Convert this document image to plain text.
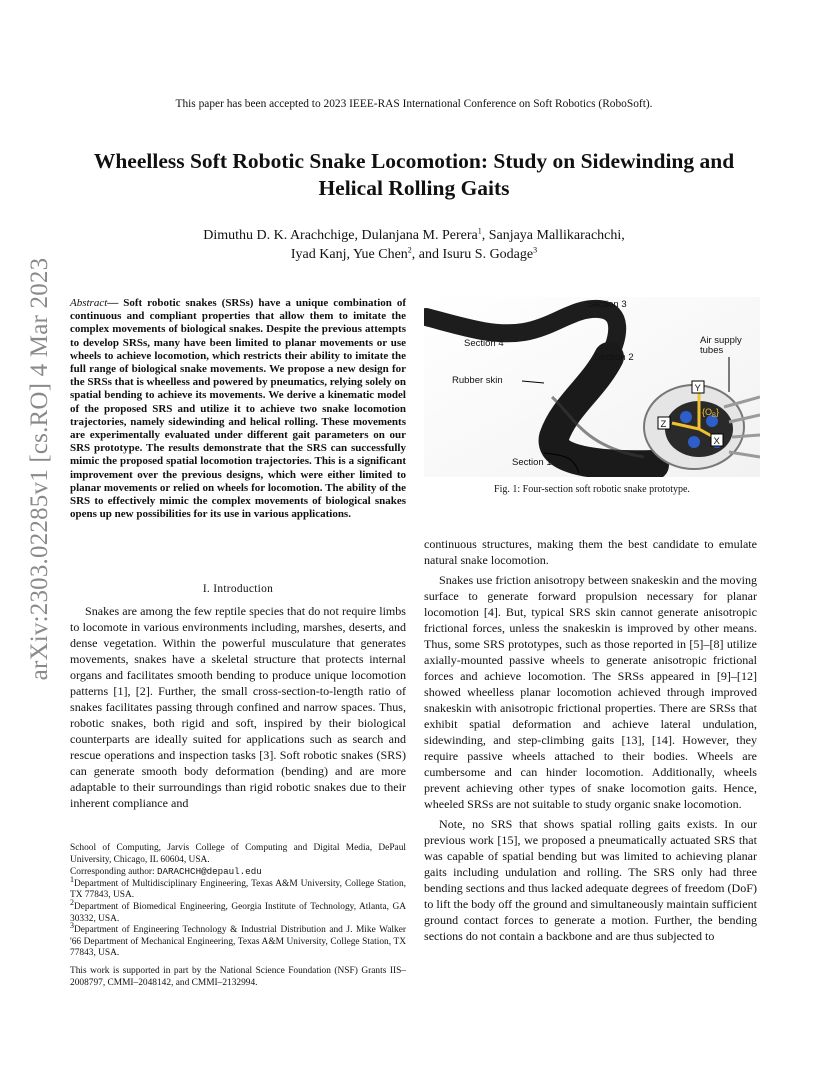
This paper has been accepted to 2023 IEEE-RAS International Conference on Soft Robotics (RoboSoft).
Wheelless Soft Robotic Snake Locomotion: Study on Sidewinding and
Helical Rolling Gaits
Dimuthu D. K. Arachchige, Dulanjana M. Perera$^1$, Sanjaya Mallikarachchi,
Iyad Kanj, Yue Chen$^2$, and Isuru S. Godage$^3$
arXiv:2303.02285v1 [cs.RO] 4 Mar 2023 Abstract— Soft robotic snakes (SRSs) have a unique combination of continuous and compliant properties that allow them to imitate the complex movements of biological snakes. Despite the previous attempts to develop SRSs, many have been limited to planar movements or use wheels to achieve locomotion, which restricts their ability to imitate the full range of biological snake movements. We propose a new design for the SRSs that is wheelless and powered by pneumatics, relying solely on spatial bending to achieve its movements. We derive a kinematic model of the proposed SRS and utilize it to achieve two snake locomotion trajectories, namely sidewinding and helical rolling. These movements are experimentally evaluated under different gait parameters on our SRS prototype. The results demonstrate that the SRS can successfully mimic the proposed spatial locomotion trajectories. This is a significant improvement over the previous designs, which were either limited to planar movements or relied on wheels for locomotion. The ability of the SRS to effectively mimic the complex movements of biological snakes opens up new possibilities for its use in various applications.
I. Introduction

Snakes are among the few reptile species that do not require limbs to locomote in various environments including, marshes, deserts, and dense vegetation. Within the powerful musculature that generates movements, snakes have a skeletal structure that protects internal organs and facilitates smooth bending to produce unique locomotion patterns [1], [2]. Further, the small cross-section-to-length ratio of snakes facilitates passing through confined and narrow spaces. Thus, robotic snakes, both rigid and soft, inspired by their biological counterparts are ideally suited for applications such as search and rescue operations and inspection tasks [3]. Soft robotic snakes (SRS) can generate smooth body deformation (bending) and are more adaptable to their surroundings than rigid robotic snakes due to their inherent compliance and

School of Computing, Jarvis College of Computing and Digital Media, DePaul University, Chicago, IL 60604, USA.

Corresponding author: DARACHCH@depaul.edu

$^1$Department of Multidisciplinary Engineering, Texas A&M University, College Station, TX 77843, USA.

$^2$Department of Biomedical Engineering, Georgia Institute of Technology, Atlanta, GA 30332, USA.

$^3$Department of Engineering Technology & Industrial Distribution and J. Mike Walker '66 Department of Mechanical Engineering, Texas A&M University, College Station, TX 77843, USA.

This work is supported in part by the National Science Foundation (NSF) Grants IIS–2008797, CMMI–2048142, and CMMI–2132994.

Y
Z
X
$\{O_B\}$
Section 3
Section 4
Section 2
Air supply
tubes
Rubber skin
Section 1
Fig. 1: Four-section soft robotic snake prototype.

continuous structures, making them the best candidate to emulate natural snake locomotion.

Snakes use friction anisotropy between snakeskin and the moving surface to generate forward propulsion necessary for planar locomotion [4]. But, typical SRS skin cannot generate anisotropic frictional forces, unless the snakeskin is improved by other means. Thus, some SRS prototypes, such as those reported in [5]–[8] utilize axially-mounted passive wheels to generate anisotropic frictional forces and achieve locomotion. The SRSs appeared in [9]–[12] showed wheelless planar locomotion achieved through improved snakeskin with anisotropic frictional properties. There are SRSs that exhibit spatial deformation and achieve lateral undulation, sidewinding, and step-climbing gaits [13], [14]. However, they require passive wheels attached to their bodies. Wheels are cumbersome and can hinder locomotion. Additionally, wheels prevent achieving other types of snake locomotion gaits. Hence, wheeled SRSs are not suitable to study organic snake locomotion.

Note, no SRS that shows spatial rolling gaits exists. In our previous work [15], we proposed a pneumatically actuated SRS that was capable of spatial bending but was limited to achieving planar gaits including undulation and rolling. The SRS only had three bending sections and thus lacked adequate degrees of freedom (DoF) to lift the body off the ground and simultaneously maintain sufficient ground contact forces to generate a motion. Further, the bending sections do not contain a backbone and are thus subjected to
